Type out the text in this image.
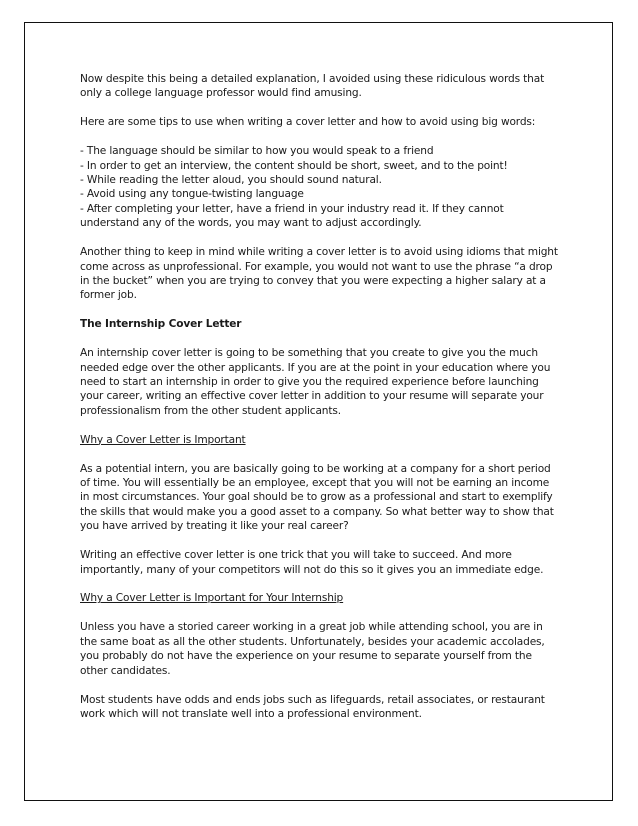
Now despite this being a detailed explanation, I avoided using these ridiculous words that only a college language professor would find amusing.

Here are some tips to use when writing a cover letter and how to avoid using big words:

- The language should be similar to how you would speak to a friend
- In order to get an interview, the content should be short, sweet, and to the point!
- While reading the letter aloud, you should sound natural.
- Avoid using any tongue-twisting language
- After completing your letter, have a friend in your industry read it. If they cannot understand any of the words, you may want to adjust accordingly.

Another thing to keep in mind while writing a cover letter is to avoid using idioms that might come across as unprofessional. For example, you would not want to use the phrase “a drop in the bucket” when you are trying to convey that you were expecting a higher salary at a former job.

The Internship Cover Letter

An internship cover letter is going to be something that you create to give you the much needed edge over the other applicants. If you are at the point in your education where you need to start an internship in order to give you the required experience before launching your career, writing an effective cover letter in addition to your resume will separate your professionalism from the other student applicants.

Why a Cover Letter is Important

As a potential intern, you are basically going to be working at a company for a short period of time. You will essentially be an employee, except that you will not be earning an income in most circumstances. Your goal should be to grow as a professional and start to exemplify the skills that would make you a good asset to a company. So what better way to show that you have arrived by treating it like your real career?

Writing an effective cover letter is one trick that you will take to succeed. And more importantly, many of your competitors will not do this so it gives you an immediate edge.

Why a Cover Letter is Important for Your Internship

Unless you have a storied career working in a great job while attending school, you are in the same boat as all the other students. Unfortunately, besides your academic accolades, you probably do not have the experience on your resume to separate yourself from the other candidates.

Most students have odds and ends jobs such as lifeguards, retail associates, or restaurant work which will not translate well into a professional environment.
